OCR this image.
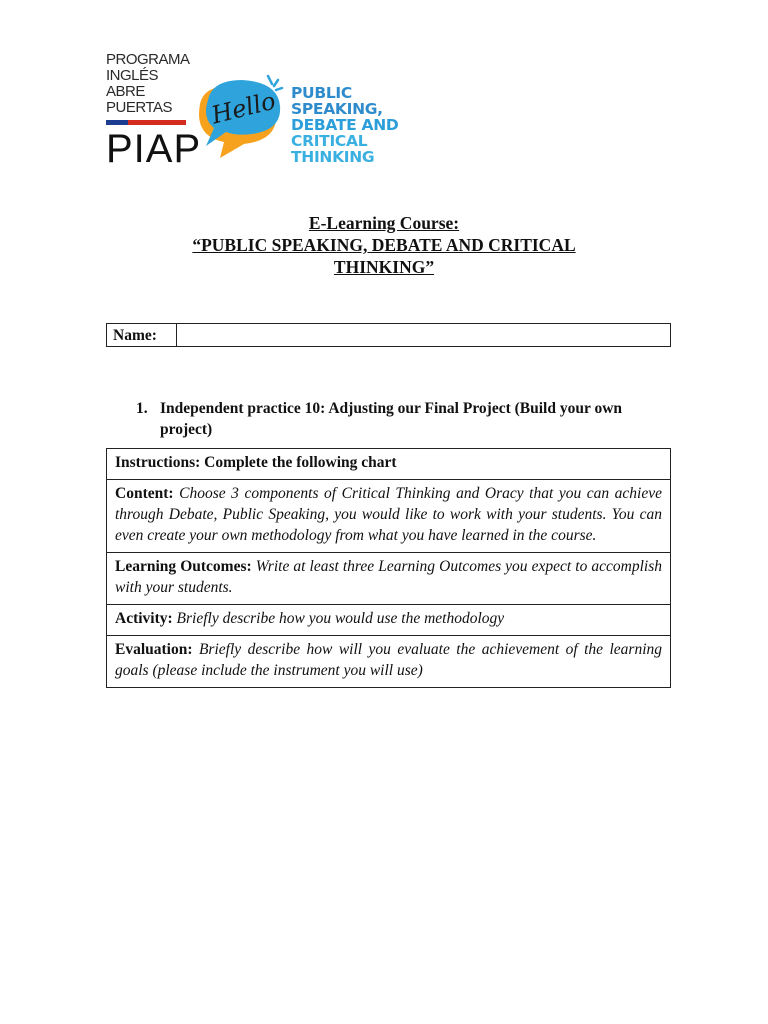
PROGRAMA
INGLÉS ABRE
PUERTAS
PIAP
Hello PUBLIC
SPEAKING,
DEBATE AND
CRITICAL
THINKING

E-Learning Course:

“PUBLIC SPEAKING, DEBATE AND CRITICAL

THINKING”

Name:
1. Independent practice 10: Adjusting our Final Project (Build your own project)
Instructions: Complete the following chart
Content: Choose 3 components of Critical Thinking and Oracy that you can achieve through Debate, Public Speaking, you would like to work with your students. You can even create your own methodology from what you have learned in the course.
Learning Outcomes: Write at least three Learning Outcomes you expect to accomplish with your students.
Activity: Briefly describe how you would use the methodology
Evaluation: Briefly describe how will you evaluate the achievement of the learning goals (please include the instrument you will use)
